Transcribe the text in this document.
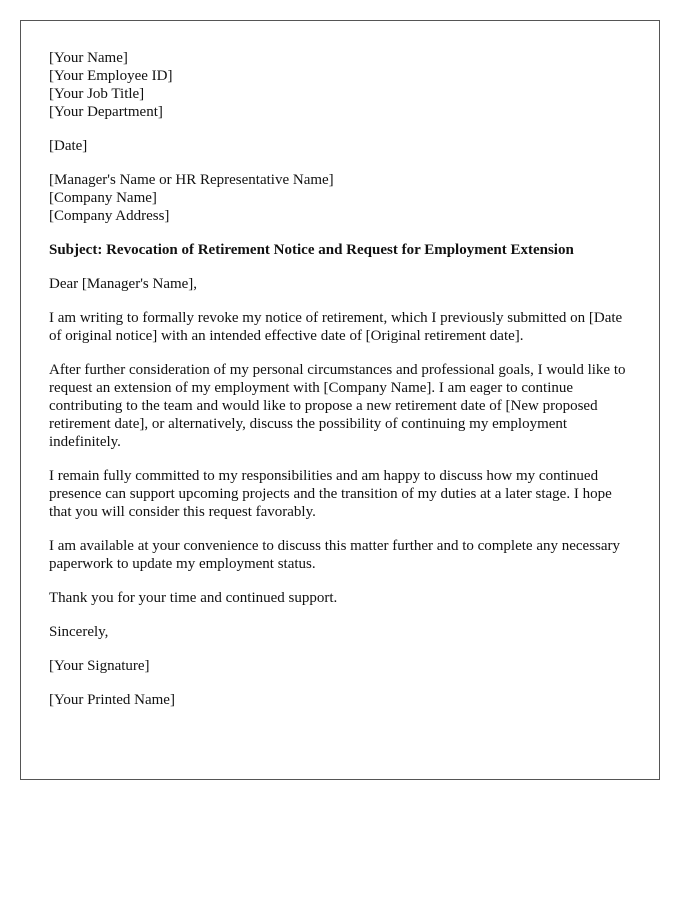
[Your Name]
[Your Employee ID]
[Your Job Title]
[Your Department]
[Date]
[Manager's Name or HR Representative Name]
[Company Name]
[Company Address]
Subject: Revocation of Retirement Notice and Request for Employment Extension
Dear [Manager's Name],

I am writing to formally revoke my notice of retirement, which I previously submitted on [Date of original notice] with an intended effective date of [Original retirement date].

After further consideration of my personal circumstances and professional goals, I would like to request an extension of my employment with [Company Name]. I am eager to continue contributing to the team and would like to propose a new retirement date of [New proposed retirement date], or alternatively, discuss the possibility of continuing my employment indefinitely.

I remain fully committed to my responsibilities and am happy to discuss how my continued presence can support upcoming projects and the transition of my duties at a later stage. I hope that you will consider this request favorably.

I am available at your convenience to discuss this matter further and to complete any necessary paperwork to update my employment status.

Thank you for your time and continued support.

Sincerely,
[Your Signature]
[Your Printed Name]
